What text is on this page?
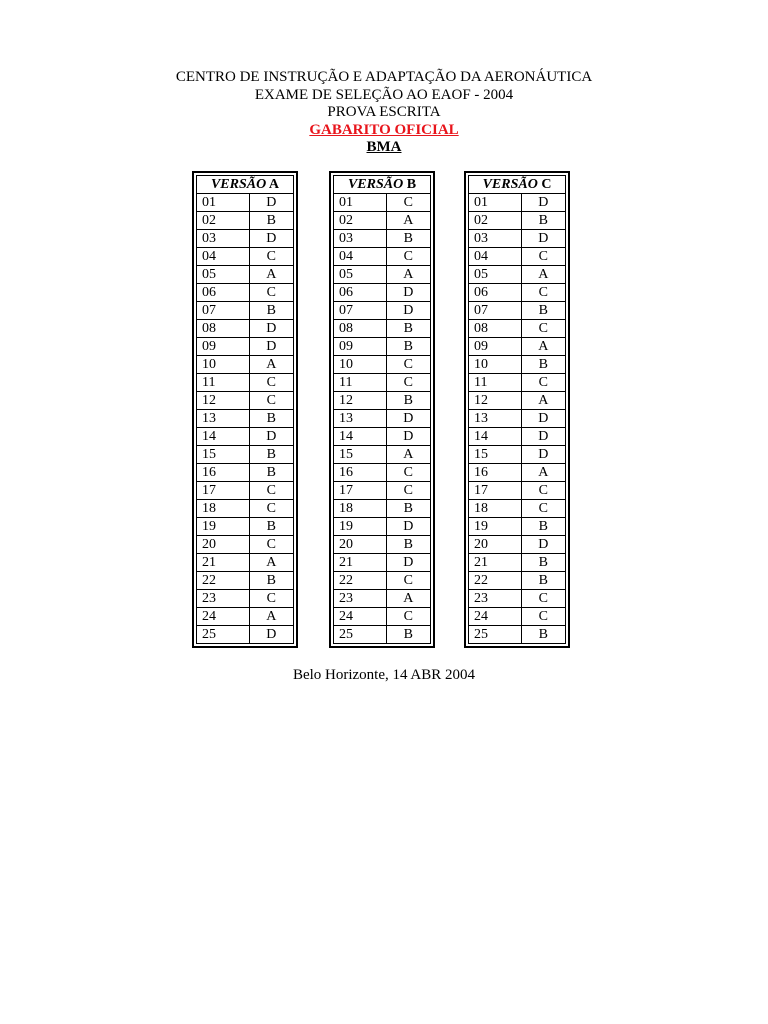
CENTRO DE INSTRUÇÃO E ADAPTAÇÃO DA AERONÁUTICA
EXAME DE SELEÇÃO AO EAOF - 2004
PROVA ESCRITA
GABARITO OFICIAL
BMA
VERSÃO A
01	D
02	B
03	D
04	C
05	A
06	C
07	B
08	D
09	D
10	A
11	C
12	C
13	B
14	D
15	B
16	B
17	C
18	C
19	B
20	C
21	A
22	B
23	C
24	A
25	D
VERSÃO B
01	C
02	A
03	B
04	C
05	A
06	D
07	D
08	B
09	B
10	C
11	C
12	B
13	D
14	D
15	A
16	C
17	C
18	B
19	D
20	B
21	D
22	C
23	A
24	C
25	B
VERSÃO C
01	D
02	B
03	D
04	C
05	A
06	C
07	B
08	C
09	A
10	B
11	C
12	A
13	D
14	D
15	D
16	A
17	C
18	C
19	B
20	D
21	B
22	B
23	C
24	C
25	B
Belo Horizonte, 14 ABR 2004
